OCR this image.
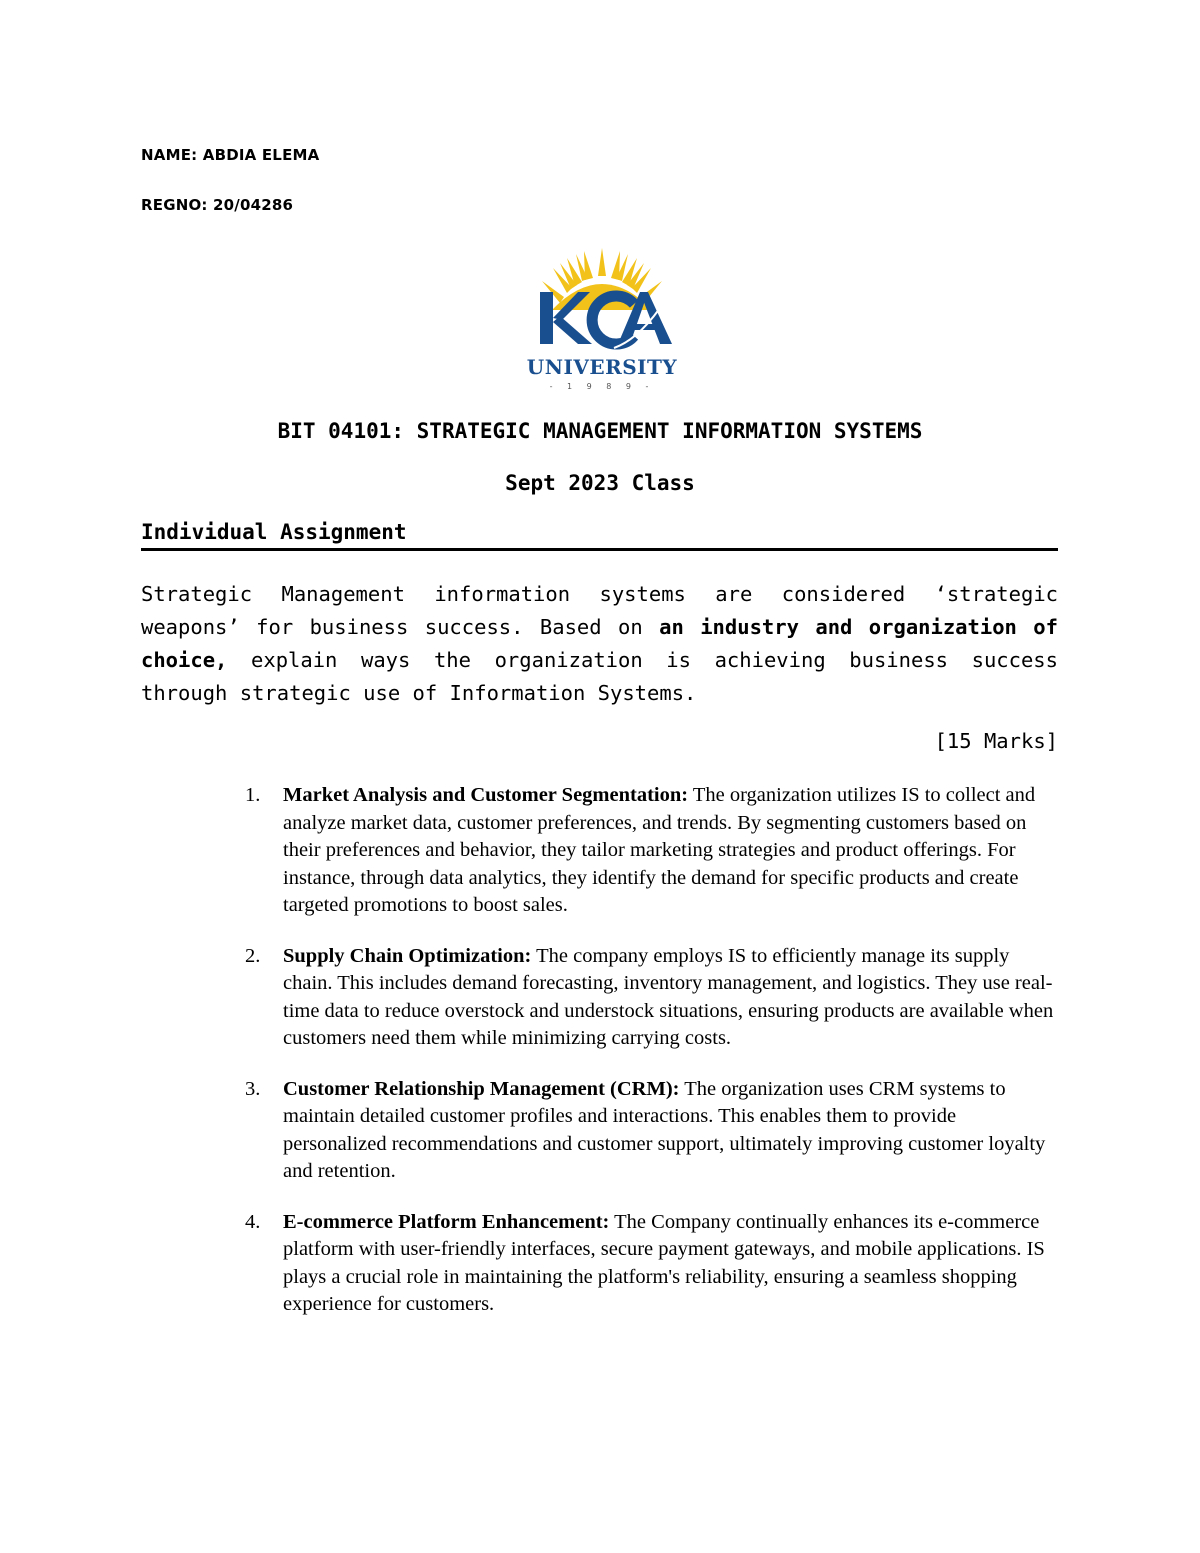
NAME: ABDIA ELEMA
REGNO: 20/04286
UNIVERSITY
- 1 9 8 9 -
BIT 04101: STRATEGIC MANAGEMENT INFORMATION SYSTEMS
Sept 2023 Class
Individual Assignment
Strategic Management information systems are considered ‘strategic weapons’ for business success. Based on an industry and organization of choice, explain ways the organization is achieving business success through strategic use of Information Systems.
[15 Marks]
1. Market Analysis and Customer Segmentation: The organization utilizes IS to collect and analyze market data, customer preferences, and trends. By segmenting customers based on their preferences and behavior, they tailor marketing strategies and product offerings. For instance, through data analytics, they identify the demand for specific products and create targeted promotions to boost sales.
2. Supply Chain Optimization: The company employs IS to efficiently manage its supply chain. This includes demand forecasting, inventory management, and logistics. They use real-time data to reduce overstock and understock situations, ensuring products are available when customers need them while minimizing carrying costs.
3. Customer Relationship Management (CRM): The organization uses CRM systems to maintain detailed customer profiles and interactions. This enables them to provide personalized recommendations and customer support, ultimately improving customer loyalty and retention.
4. E-commerce Platform Enhancement: The Company continually enhances its e-commerce platform with user-friendly interfaces, secure payment gateways, and mobile applications. IS plays a crucial role in maintaining the platform's reliability, ensuring a seamless shopping experience for customers.
